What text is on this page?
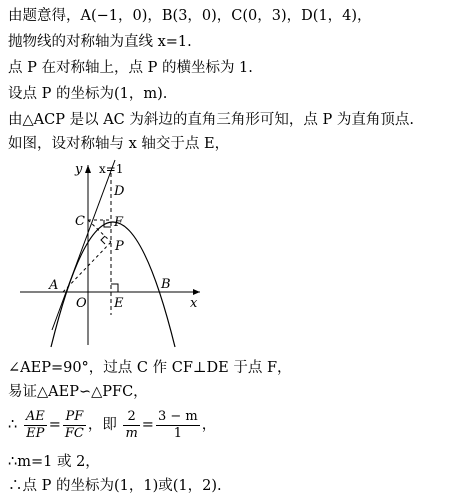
由题意得，A(−1，0)，B(3，0)，C(0，3)，D(1，4)，
抛物线的对称轴为直线 x=1.
点 P 在对称轴上，点 P 的横坐标为 1.
设点 P 的坐标为(1，m).
由△ACP 是以 AC 为斜边的直角三角形可知，点 P 为直角顶点.
如图，设对称轴与 x 轴交于点 E，
y x=1
D
C F
P
A
O E
B
x
∠AEP=90°，过点 C 作 CF⊥DE 于点 F，
易证△AEP∽△PFC，
∴ $\frac{AE}{EP} = \frac{PF}{FC}$ ，即 $\frac{2}{m} = \frac{3 - m}{1}$ ，
∴m=1 或 2，
∴点 P 的坐标为(1，1)或(1，2).
